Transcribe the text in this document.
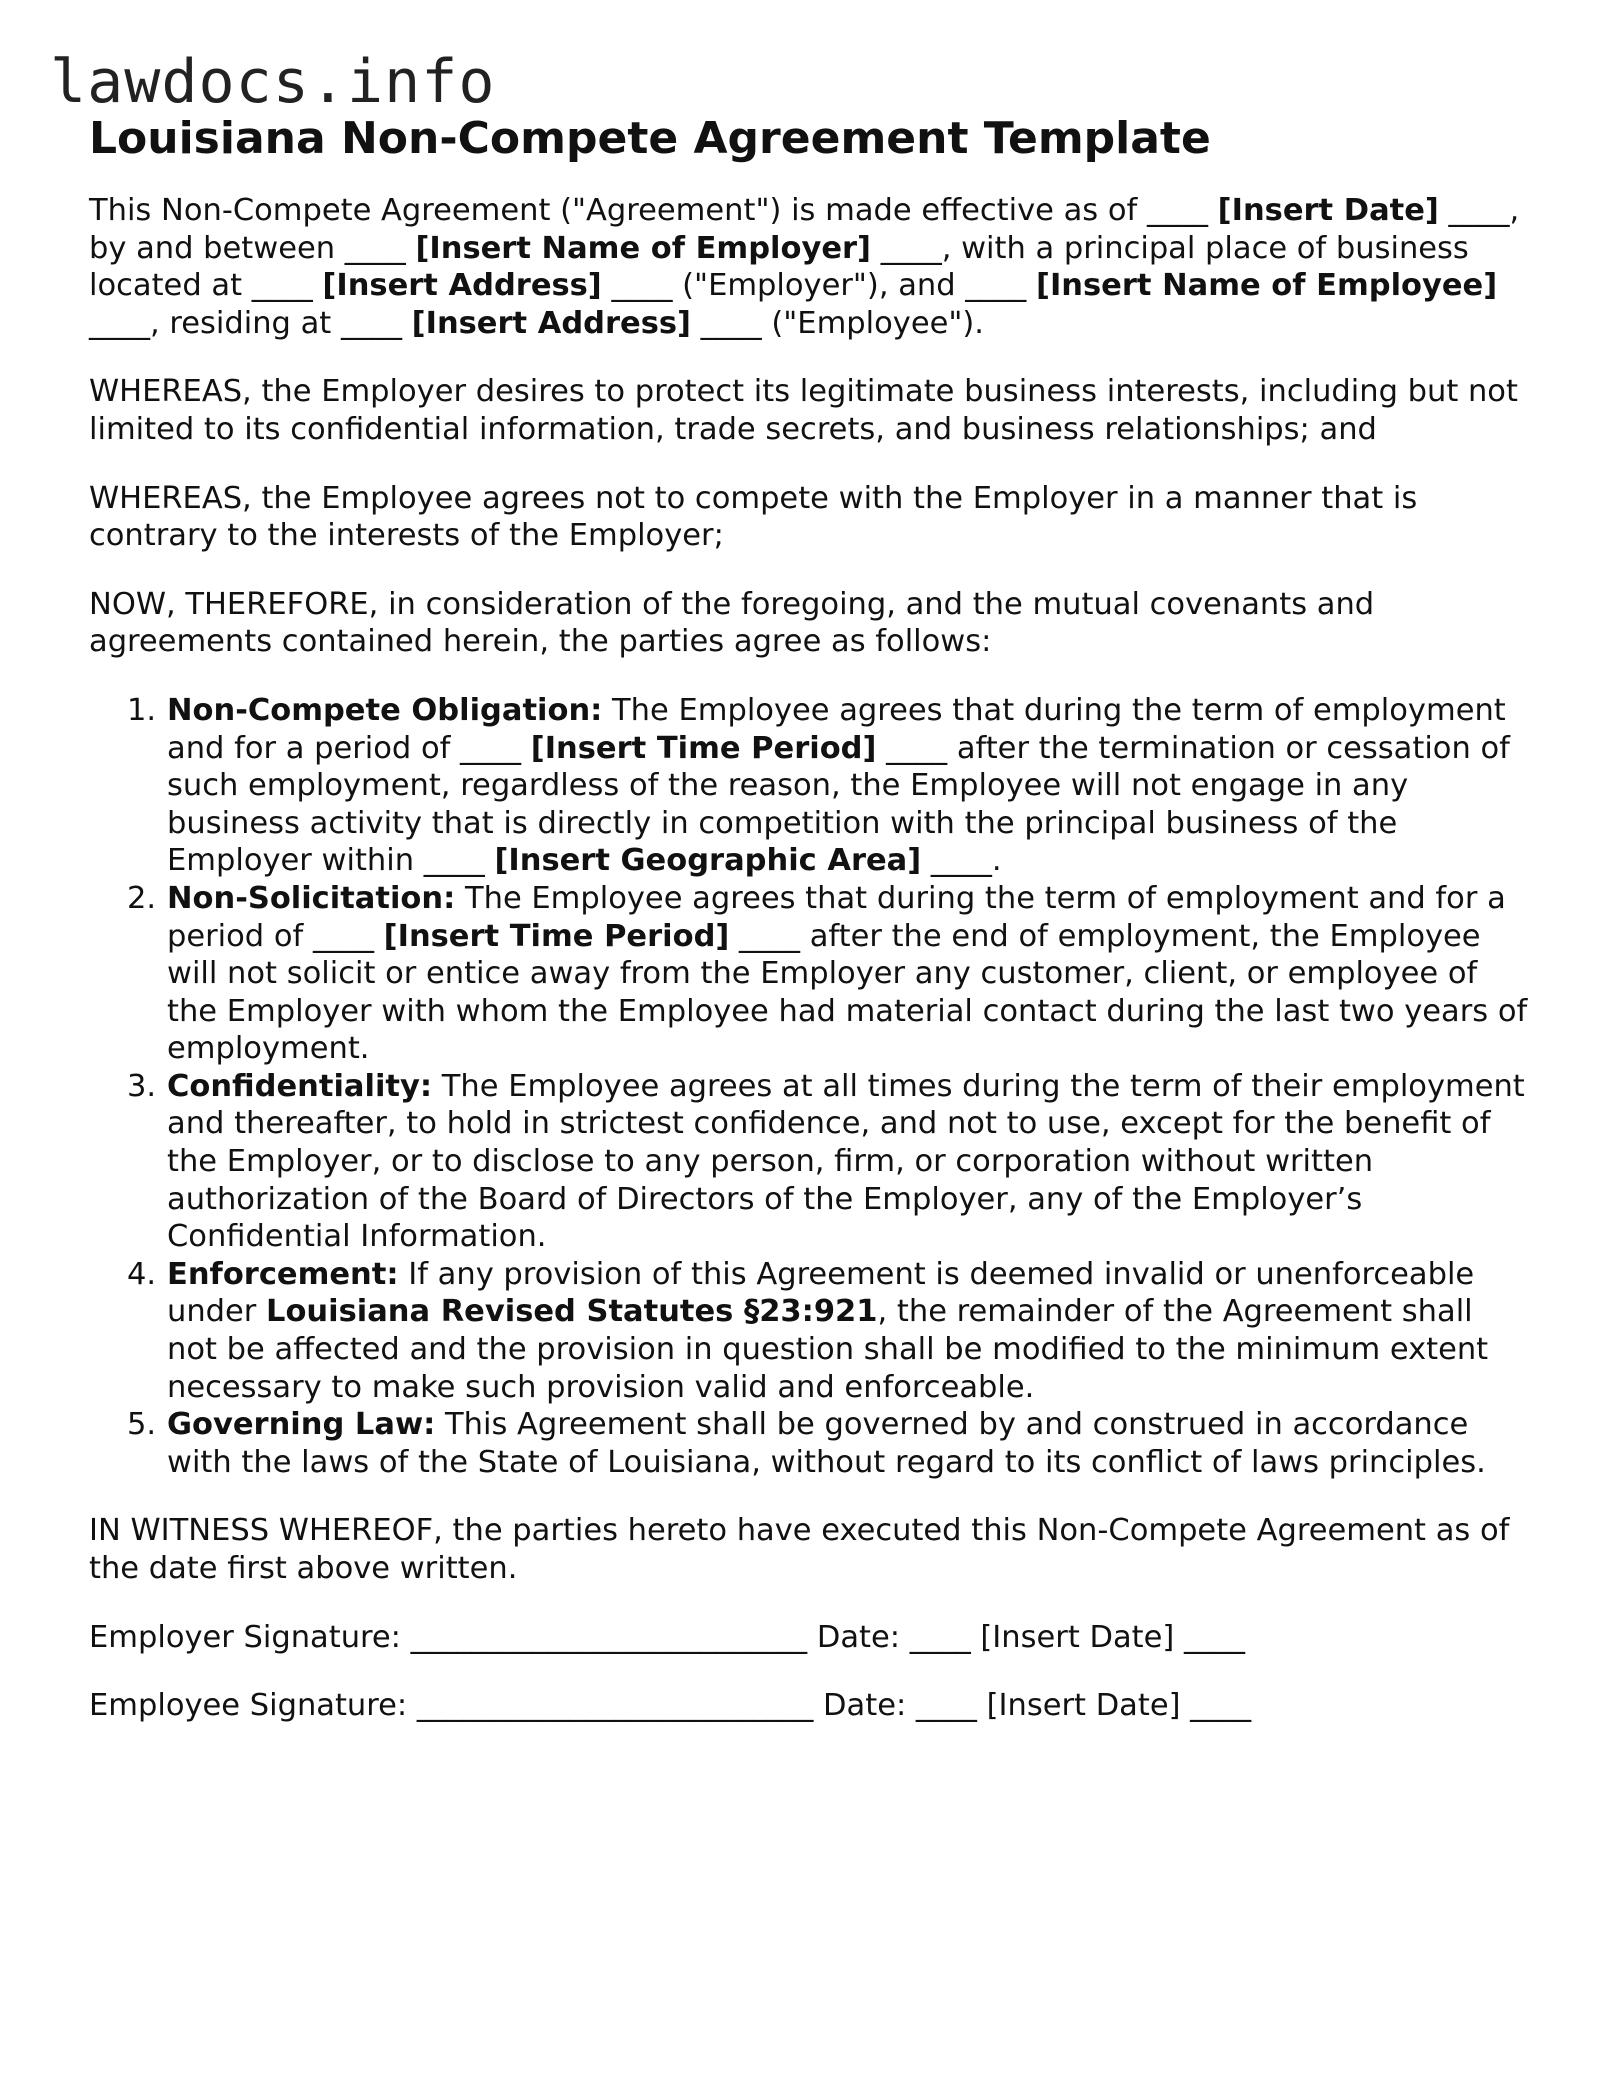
lawdocs.info
Louisiana Non-Compete Agreement Template

This Non-Compete Agreement ("Agreement") is made effective as of ____ [Insert Date] ____, by and between ____ [Insert Name of Employer] ____, with a principal place of business located at ____ [Insert Address] ____ ("Employer"), and ____ [Insert Name of Employee] ____, residing at ____ [Insert Address] ____ ("Employee").

WHEREAS, the Employer desires to protect its legitimate business interests, including but not limited to its confidential information, trade secrets, and business relationships; and

WHEREAS, the Employee agrees not to compete with the Employer in a manner that is contrary to the interests of the Employer;

NOW, THEREFORE, in consideration of the foregoing, and the mutual covenants and agreements contained herein, the parties agree as follows:

1. Non-Compete Obligation: The Employee agrees that during the term of employment and for a period of ____ [Insert Time Period] ____ after the termination or cessation of such employment, regardless of the reason, the Employee will not engage in any business activity that is directly in competition with the principal business of the Employer within ____ [Insert Geographic Area] ____.
2. Non-Solicitation: The Employee agrees that during the term of employment and for a period of ____ [Insert Time Period] ____ after the end of employment, the Employee will not solicit or entice away from the Employer any customer, client, or employee of the Employer with whom the Employee had material contact during the last two years of employment.
3. Confidentiality: The Employee agrees at all times during the term of their employment and thereafter, to hold in strictest confidence, and not to use, except for the benefit of the Employer, or to disclose to any person, firm, or corporation without written authorization of the Board of Directors of the Employer, any of the Employer’s Confidential Information.
4. Enforcement: If any provision of this Agreement is deemed invalid or unenforceable under Louisiana Revised Statutes §23:921, the remainder of the Agreement shall not be affected and the provision in question shall be modified to the minimum extent necessary to make such provision valid and enforceable.
5. Governing Law: This Agreement shall be governed by and construed in accordance with the laws of the State of Louisiana, without regard to its conflict of laws principles.

IN WITNESS WHEREOF, the parties hereto have executed this Non-Compete Agreement as of the date first above written.

Employer Signature: __________________________ Date: ____ [Insert Date] ____

Employee Signature: __________________________ Date: ____ [Insert Date] ____
